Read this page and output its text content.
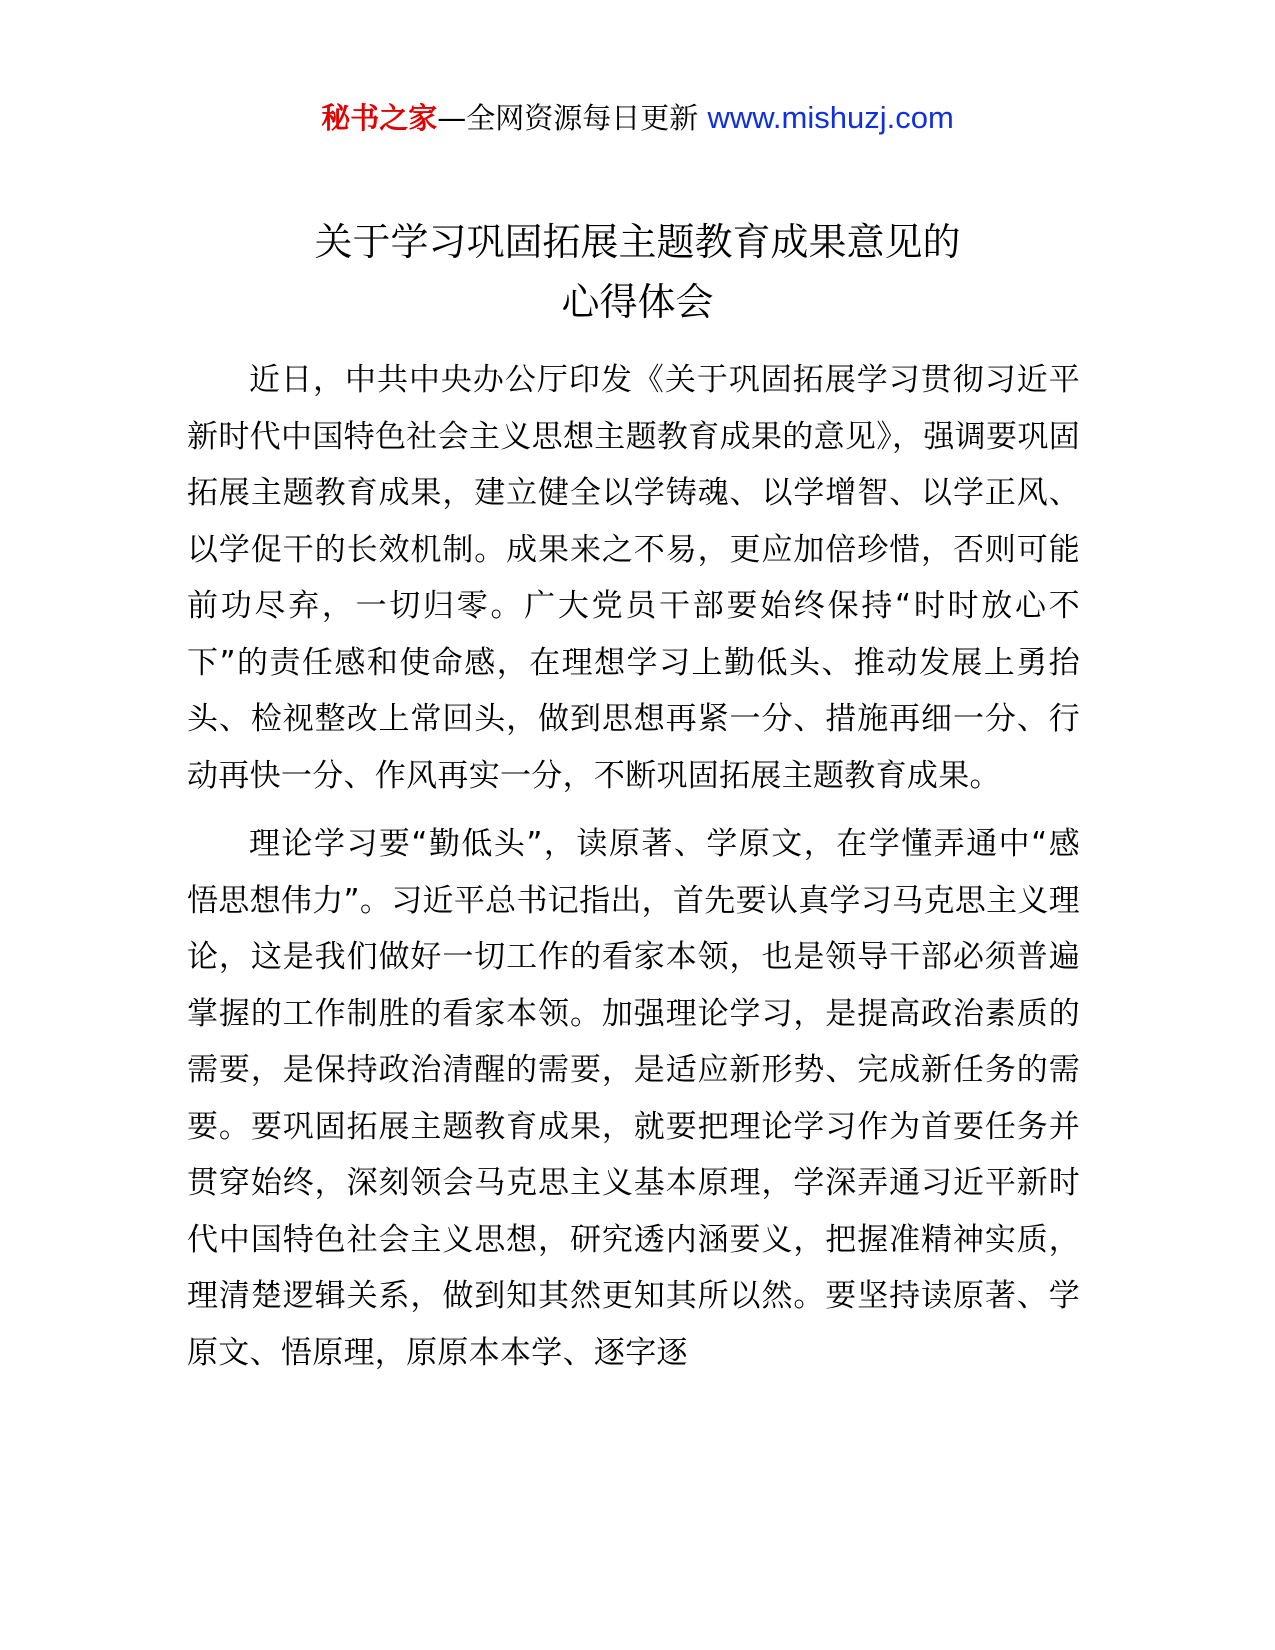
秘书之家—全网资源每日更新 www.mishuzj.com
关于学习巩固拓展主题教育成果意见的
心得体会

近日，中共中央办公厅印发《关于巩固拓展学习贯彻习近平新时代中国特色社会主义思想主题教育成果的意见》，强调要巩固拓展主题教育成果，建立健全以学铸魂、以学增智、以学正风、以学促干的长效机制。成果来之不易，更应加倍珍惜，否则可能前功尽弃，一切归零。广大党员干部要始终保持“时时放心不下”的责任感和使命感，在理想学习上勤低头、推动发展上勇抬头、检视整改上常回头，做到思想再紧一分、措施再细一分、行动再快一分、作风再实一分，不断巩固拓展主题教育成果。

理论学习要“勤低头”，读原著、学原文，在学懂弄通中“感悟思想伟力”。习近平总书记指出，首先要认真学习马克思主义理论，这是我们做好一切工作的看家本领，也是领导干部必须普遍掌握的工作制胜的看家本领。加强理论学习，是提高政治素质的需要，是保持政治清醒的需要，是适应新形势、完成新任务的需要。要巩固拓展主题教育成果，就要把理论学习作为首要任务并贯穿始终，深刻领会马克思主义基本原理，学深弄通习近平新时代中国特色社会主义思想，研究透内涵要义，把握准精神实质，理清楚逻辑关系，做到知其然更知其所以然。要坚持读原著、学原文、悟原理，原原本本学、逐字逐
